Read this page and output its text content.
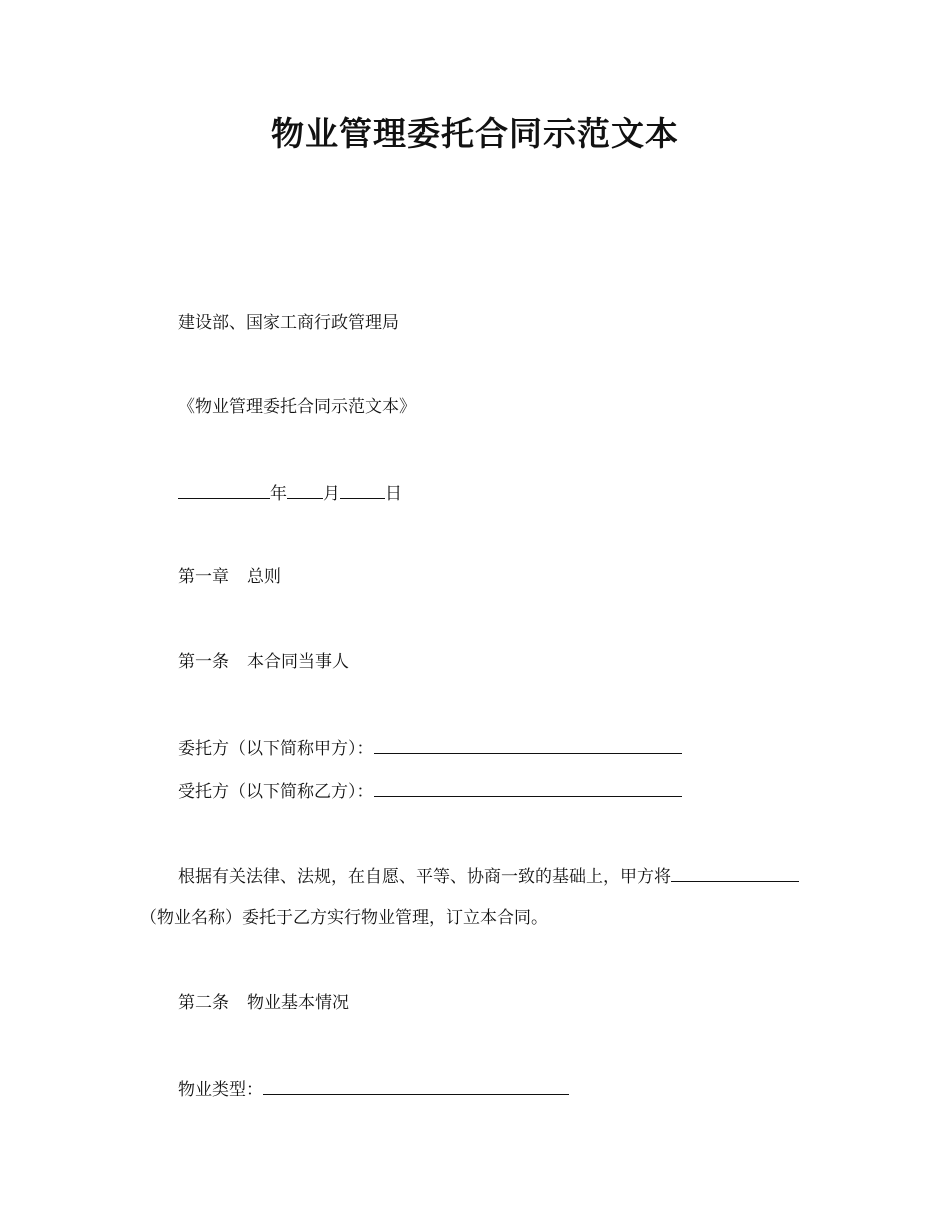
物业管理委托合同示范文本
建设部、国家工商行政管理局
《物业管理委托合同示范文本》
年 月	日
第一章 总则
第一条 本合同当事人
委托方（以下简称甲方）：
受托方（以下简称乙方）：
根据有关法律、法规，在自愿、平等、协商一致的基础上，甲方将
（物业名称）委托于乙方实行物业管理，订立本合同。
第二条 物业基本情况
物业类型：
